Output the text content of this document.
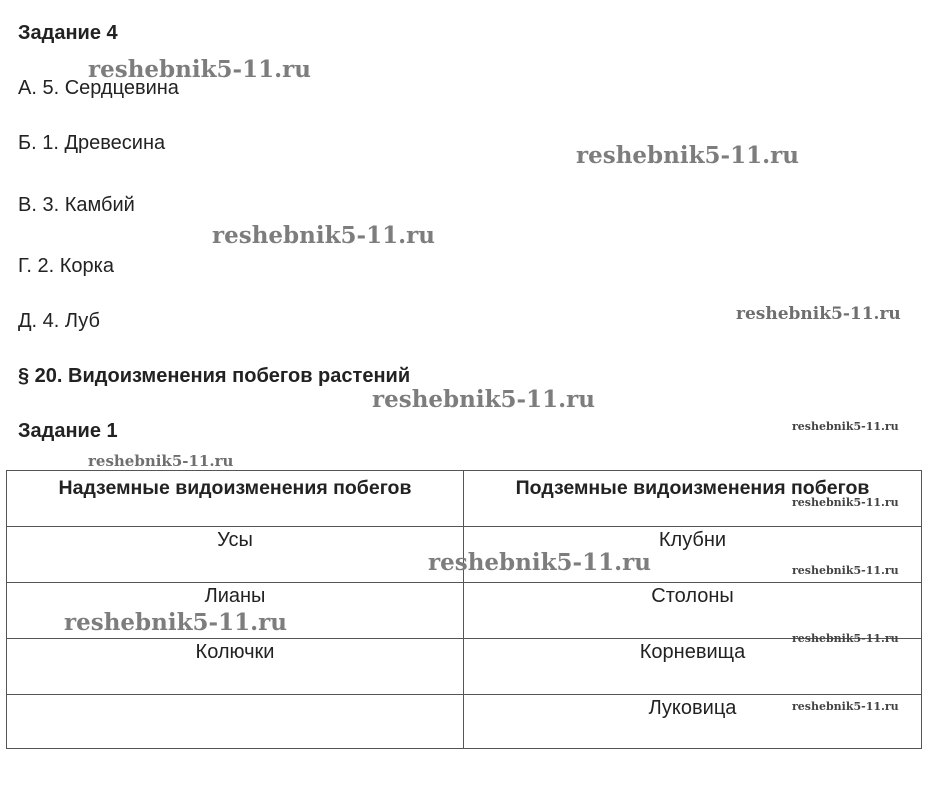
Задание 4
А. 5. Сердцевина
Б. 1. Древесина
В. 3. Камбий
Г. 2. Корка
Д. 4. Луб
§ 20. Видоизменения побегов растений
Задание 1
Надземные видоизменения побегов	Подземные видоизменения побегов
Усы	Клубни
Лианы	Столоны
Колючки	Корневища
	Луковица
reshebnik5-11.ru
reshebnik5-11.ru
reshebnik5-11.ru
reshebnik5-11.ru
reshebnik5-11.ru
reshebnik5-11.ru
reshebnik5-11.ru
reshebnik5-11.ru
reshebnik5-11.ru	reshebnik5-11.ru
reshebnik5-11.ru
reshebnik5-11.ru
reshebnik5-11.ru
